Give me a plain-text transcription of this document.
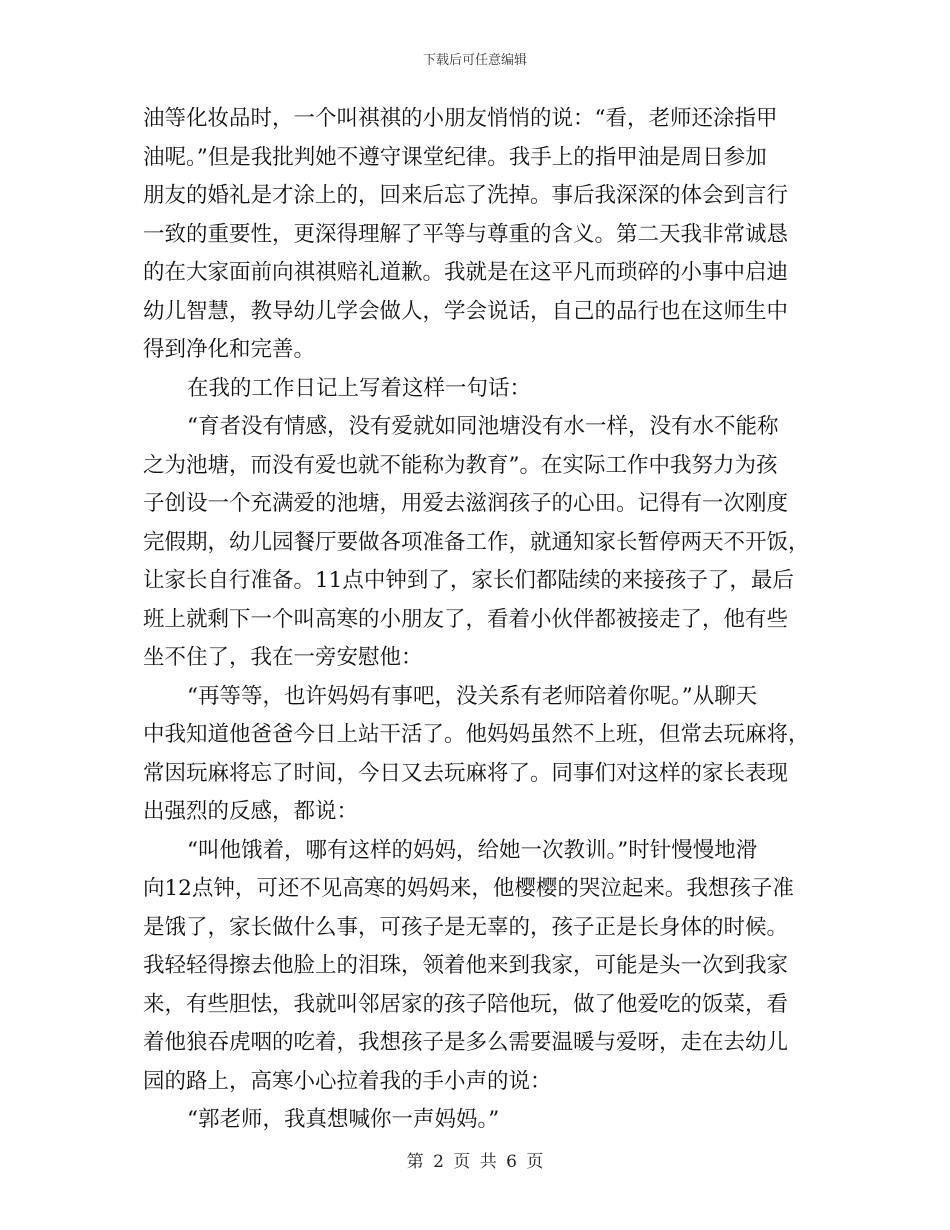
下载后可任意编辑
油等化妆品时，一个叫祺祺的小朋友悄悄的说：“看，老师还涂指甲
油呢。”但是我批判她不遵守课堂纪律。我手上的指甲油是周日参加
朋友的婚礼是才涂上的，回来后忘了洗掉。事后我深深的体会到言行
一致的重要性，更深得理解了平等与尊重的含义。第二天我非常诚恳
的在大家面前向祺祺赔礼道歉。我就是在这平凡而琐碎的小事中启迪
幼儿智慧，教导幼儿学会做人，学会说话，自己的品行也在这师生中
得到净化和完善。
在我的工作日记上写着这样一句话：
“育者没有情感，没有爱就如同池塘没有水一样，没有水不能称
之为池塘，而没有爱也就不能称为教育”。在实际工作中我努力为孩
子创设一个充满爱的池塘，用爱去滋润孩子的心田。记得有一次刚度
完假期，幼儿园餐厅要做各项准备工作，就通知家长暂停两天不开饭，
让家长自行准备。11点中钟到了，家长们都陆续的来接孩子了，最后
班上就剩下一个叫高寒的小朋友了，看着小伙伴都被接走了，他有些
坐不住了，我在一旁安慰他：
“再等等，也许妈妈有事吧，没关系有老师陪着你呢。”从聊天
中我知道他爸爸今日上站干活了。他妈妈虽然不上班，但常去玩麻将，
常因玩麻将忘了时间，今日又去玩麻将了。同事们对这样的家长表现
出强烈的反感，都说：
“叫他饿着，哪有这样的妈妈，给她一次教训。”时针慢慢地滑
向12点钟，可还不见高寒的妈妈来，他樱樱的哭泣起来。我想孩子准
是饿了，家长做什么事，可孩子是无辜的，孩子正是长身体的时候。
我轻轻得擦去他脸上的泪珠，领着他来到我家，可能是头一次到我家
来，有些胆怯，我就叫邻居家的孩子陪他玩，做了他爱吃的饭菜，看
着他狼吞虎咽的吃着，我想孩子是多么需要温暖与爱呀，走在去幼儿
园的路上，高寒小心拉着我的手小声的说：
“郭老师，我真想喊你一声妈妈。”
第 2 页 共 6 页
